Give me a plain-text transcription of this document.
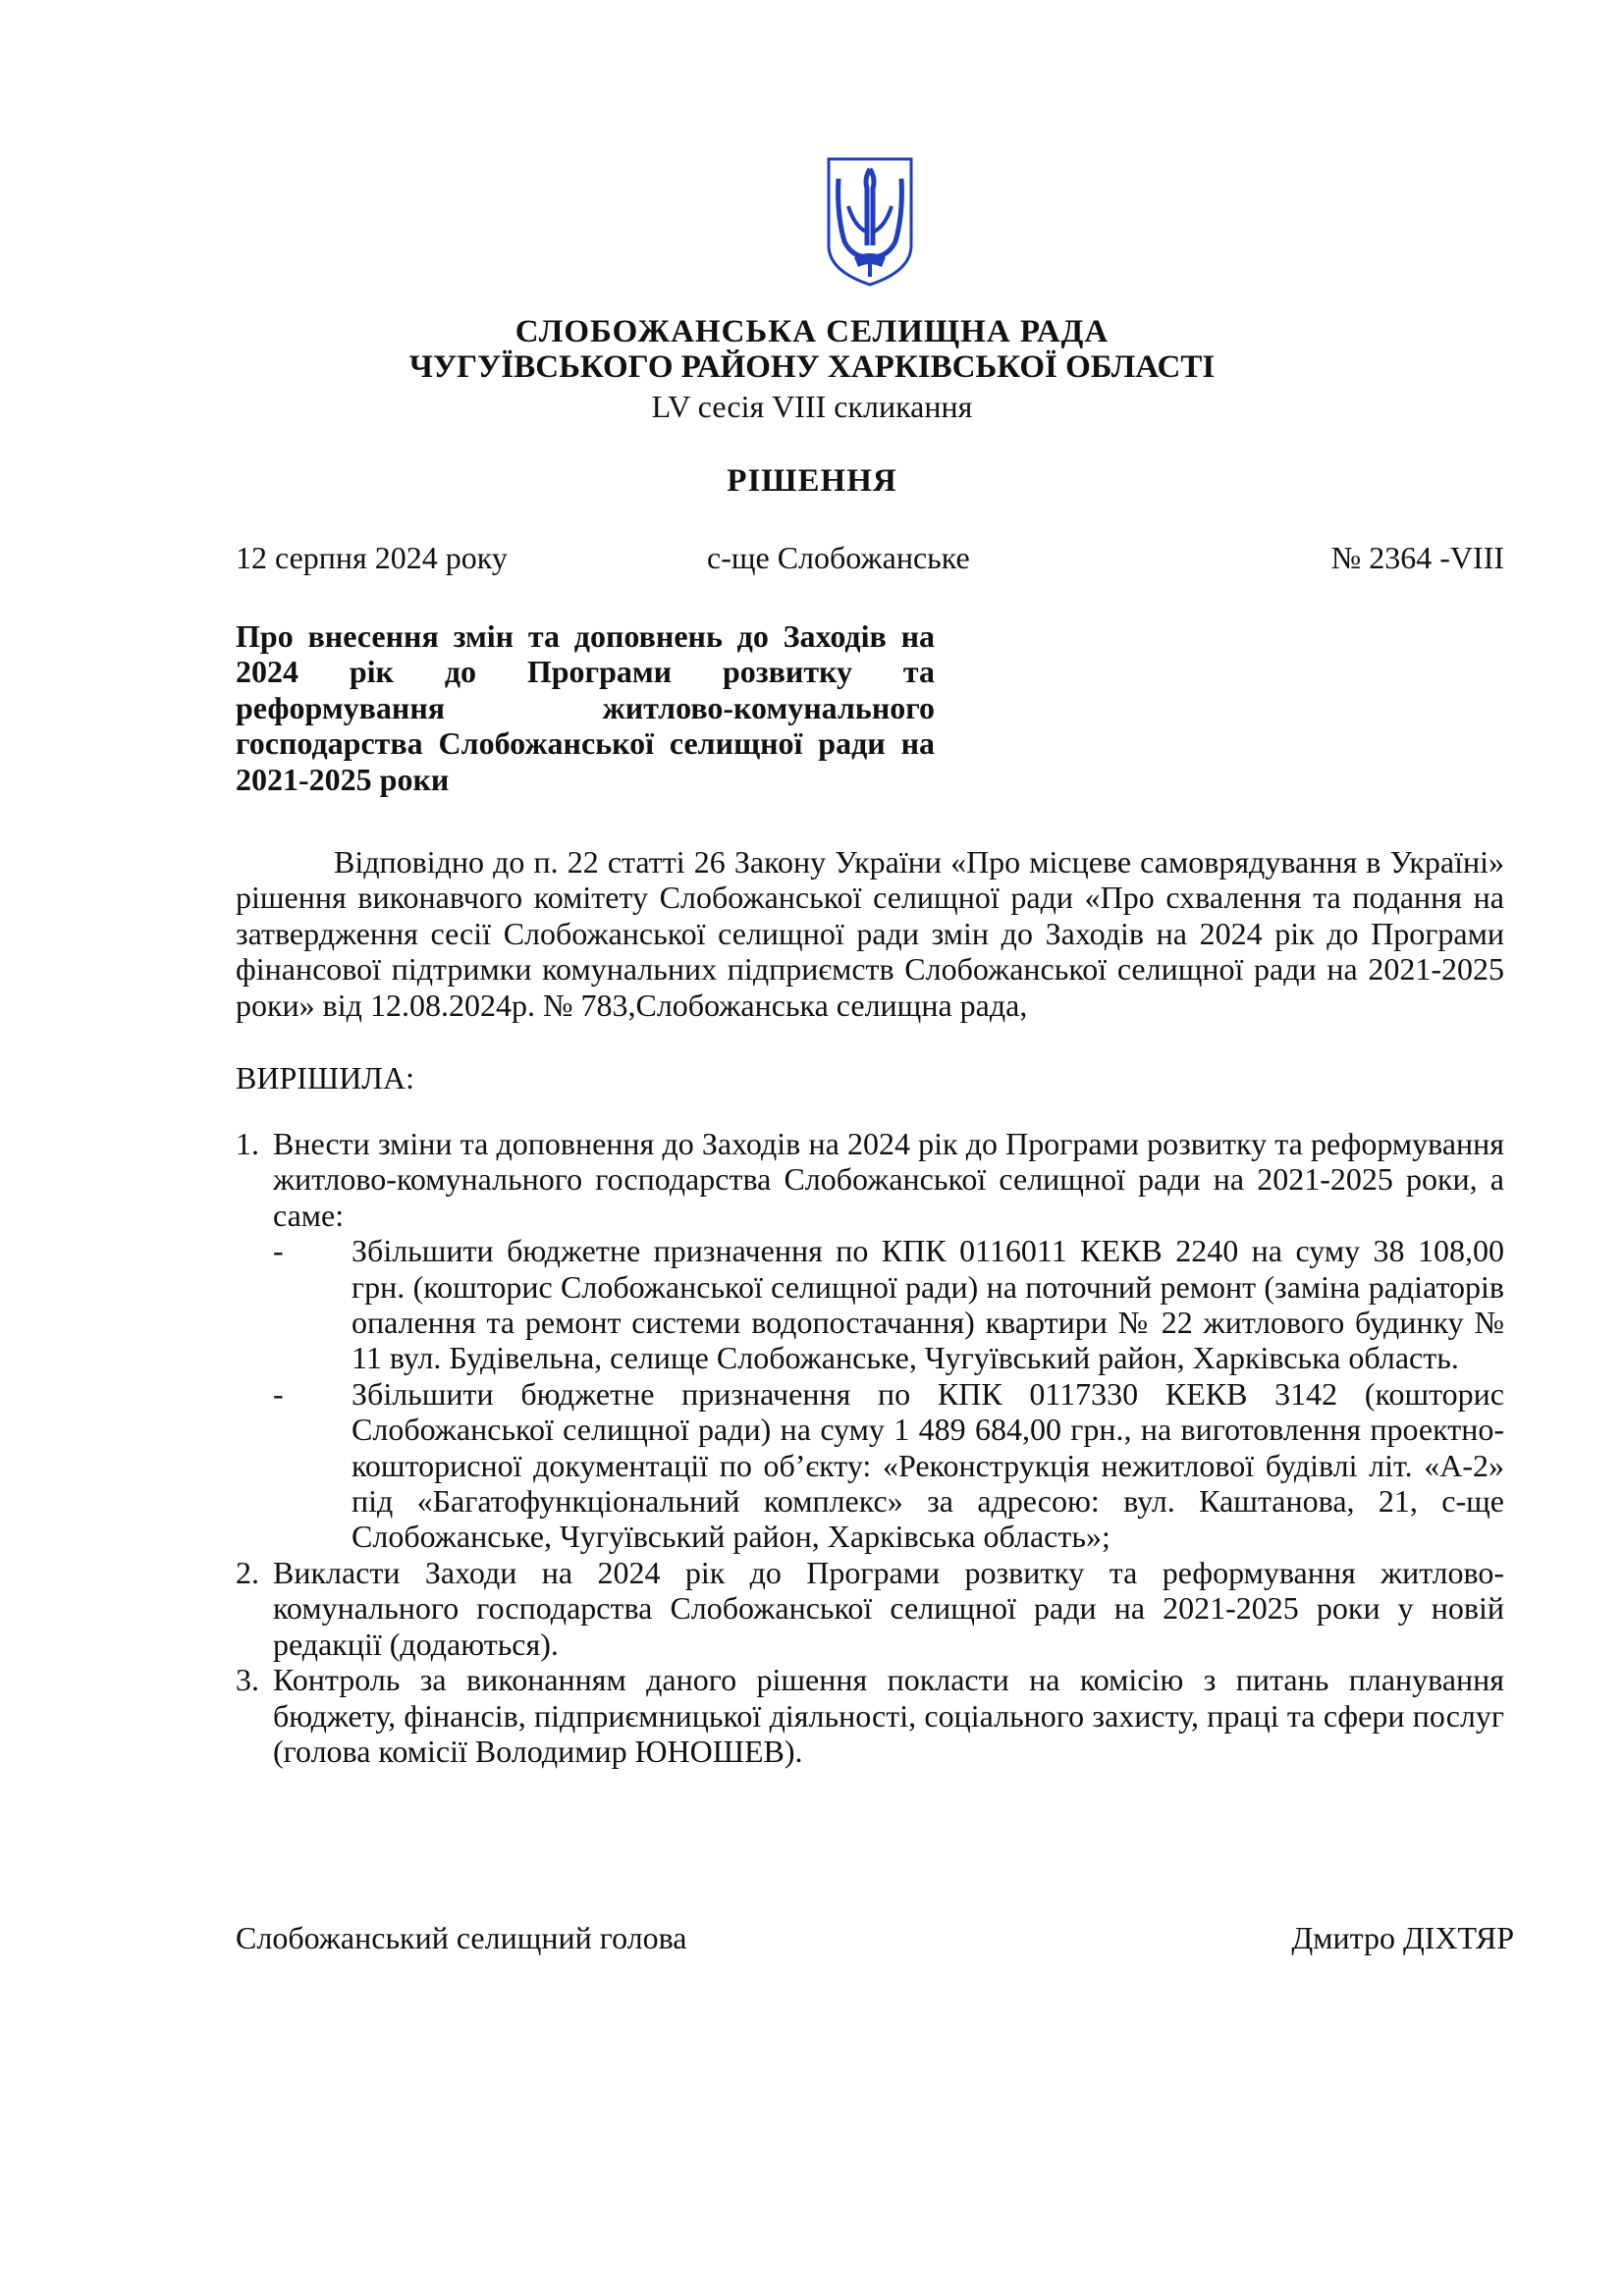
СЛОБОЖАНСЬКА СЕЛИЩНА РАДА
ЧУГУЇВСЬКОГО РАЙОНУ ХАРКІВСЬКОЇ ОБЛАСТІ
LV сесія VIII скликання
РІШЕННЯ
12 серпня 2024 року	с-ще Слобожанське	№ 2364 -VIII
Про внесення змін та доповнень до Заходів на 2024 рік до Програми розвитку та реформування житлово-комунального господарства Слобожанської селищної ради на 2021-2025 роки
Відповідно до п. 22 статті 26 Закону України «Про місцеве самоврядування в Україні» рішення виконавчого комітету Слобожанської селищної ради «Про схвалення та подання на затвердження сесії Слобожанської селищної ради змін до Заходів на 2024 рік до Програми фінансової підтримки комунальних підприємств Слобожанської селищної ради на 2021-2025 роки» від 12.08.2024р. № 783,Слобожанська селищна рада,
ВИРІШИЛА:
1. Внести зміни та доповнення до Заходів на 2024 рік до Програми розвитку та реформування житлово-комунального господарства Слобожанської селищної ради на 2021-2025 роки, а саме:
- Збільшити бюджетне призначення по КПК 0116011 КЕКВ 2240 на суму 38 108,00 грн. (кошторис Слобожанської селищної ради) на поточний ремонт (заміна радіаторів опалення та ремонт системи водопостачання) квартири № 22 житлового будинку № 11 вул. Будівельна, селище Слобожанське, Чугуївський район, Харківська область.
- Збільшити бюджетне призначення по КПК 0117330 КЕКВ 3142 (кошторис Слобожанської селищної ради) на суму 1 489 684,00 грн., на виготовлення проектно-кошторисної документації по об’єкту: «Реконструкція нежитлової будівлі літ. «А-2» під «Багатофункціональний комплекс» за адресою: вул. Каштанова, 21, с-ще Слобожанське, Чугуївський район, Харківська область»;
2. Викласти Заходи на 2024 рік до Програми розвитку та реформування житлово-комунального господарства Слобожанської селищної ради на 2021-2025 роки у новій редакції (додаються).
3. Контроль за виконанням даного рішення покласти на комісію з питань планування бюджету, фінансів, підприємницької діяльності, соціального захисту, праці та сфери послуг (голова комісії Володимир ЮНОШЕВ).
Слобожанський селищний голова	Дмитро ДІХТЯР
